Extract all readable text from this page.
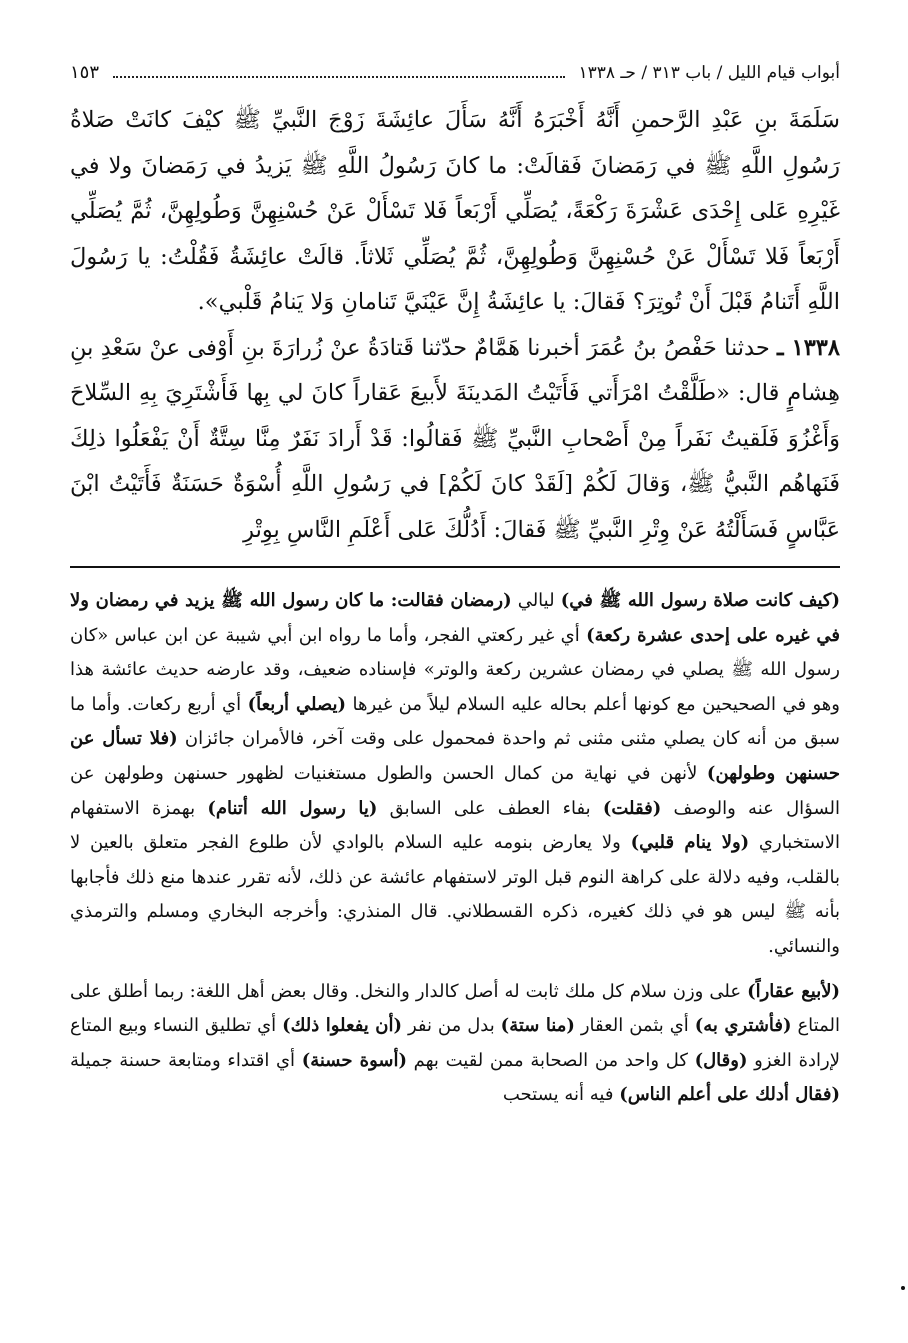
أبواب قيام الليل / باب ٣١٣ / حـ ١٣٣٨
١٥٣

سَلَمَةَ بنِ عَبْدِ الرَّحمنِ أَنَّهُ أَخْبَرَهُ أَنَّهُ سَأَلَ عائِشَةَ زَوْجَ النَّبيِّ ﷺ كيْفَ كانَتْ صَلاةُ رَسُولِ اللَّهِ ﷺ في رَمَضانَ فَقالَتْ: ما كانَ رَسُولُ اللَّهِ ﷺ يَزيدُ في رَمَضانَ ولا في غَيْرِهِ عَلى إِحْدَى عَشْرَةَ رَكْعَةً، يُصَلِّي أَرْبَعاً فَلا تَسْأَلْ عَنْ حُسْنِهِنَّ وَطُولِهِنَّ، ثُمَّ يُصَلِّي أَرْبَعاً فَلا تَسْأَلْ عَنْ حُسْنِهِنَّ وَطُولِهِنَّ، ثُمَّ يُصَلِّي ثَلاثاً. قالَتْ عائِشَةُ فَقُلْتُ: يا رَسُولَ اللَّهِ أَتَنامُ قَبْلَ أَنْ تُوتِرَ؟ فَقالَ: يا عائِشَةُ إِنَّ عَيْنَيَّ تَنامانِ وَلا يَنامُ قَلْبي».

١٣٣٨ ـ حدثنا حَفْصُ بنُ عُمَرَ أخبرنا هَمَّامٌ حدّثنا قَتادَةُ عنْ زُرارَةَ بنِ أَوْفى عنْ سَعْدِ بنِ هِشامٍ قال: «طَلَّقْتُ امْرَأَتي فَأَتَيْتُ المَدينَةَ لأَبيعَ عَقاراً كانَ لي بِها فَأَشْتَرِيَ بِهِ السِّلاحَ وَأَغْزُوَ فَلَقيتُ نَفَراً مِنْ أَصْحابِ النَّبيِّ ﷺ فَقالُوا: قَدْ أَرادَ نَفَرٌ مِنَّا سِتَّةٌ أَنْ يَفْعَلُوا ذلِكَ فَنَهاهُم النَّبيُّ ﷺ، وَقالَ لَكُمْ [لَقَدْ كانَ لَكُمْ] في رَسُولِ اللَّهِ أُسْوَةٌ حَسَنَةٌ فَأَتَيْتُ ابْنَ عَبَّاسٍ فَسَأَلْتُهُ عَنْ وِتْرِ النَّبيِّ ﷺ فَقالَ: أَدُلُّكَ عَلى أَعْلَمِ النَّاسِ بِوِتْرِ

(كيف كانت صلاة رسول الله ﷺ في) ليالي (رمضان فقالت: ما كان رسول الله ﷺ يزيد في رمضان ولا في غيره على إحدى عشرة ركعة) أي غير ركعتي الفجر، وأما ما رواه ابن أبي شيبة عن ابن عباس «كان رسول الله ﷺ يصلي في رمضان عشرين ركعة والوتر» فإسناده ضعيف، وقد عارضه حديث عائشة هذا وهو في الصحيحين مع كونها أعلم بحاله عليه السلام ليلاً من غيرها (يصلي أربعاً) أي أربع ركعات. وأما ما سبق من أنه كان يصلي مثنى مثنى ثم واحدة فمحمول على وقت آخر، فالأمران جائزان (فلا تسأل عن حسنهن وطولهن) لأنهن في نهاية من كمال الحسن والطول مستغنيات لظهور حسنهن وطولهن عن السؤال عنه والوصف (فقلت) بفاء العطف على السابق (يا رسول الله أتنام) بهمزة الاستفهام الاستخباري (ولا ينام قلبي) ولا يعارض بنومه عليه السلام بالوادي لأن طلوع الفجر متعلق بالعين لا بالقلب، وفيه دلالة على كراهة النوم قبل الوتر لاستفهام عائشة عن ذلك، لأنه تقرر عندها منع ذلك فأجابها بأنه ﷺ ليس هو في ذلك كغيره، ذكره القسطلاني. قال المنذري: وأخرجه البخاري ومسلم والترمذي والنسائي.

(لأبيع عقاراً) على وزن سلام كل ملك ثابت له أصل كالدار والنخل. وقال بعض أهل اللغة: ربما أطلق على المتاع (فأشتري به) أي بثمن العقار (منا ستة) بدل من نفر (أن يفعلوا ذلك) أي تطليق النساء وبيع المتاع لإرادة الغزو (وقال) كل واحد من الصحابة ممن لقيت بهم (أسوة حسنة) أي اقتداء ومتابعة حسنة جميلة (فقال أدلك على أعلم الناس) فيه أنه يستحب
